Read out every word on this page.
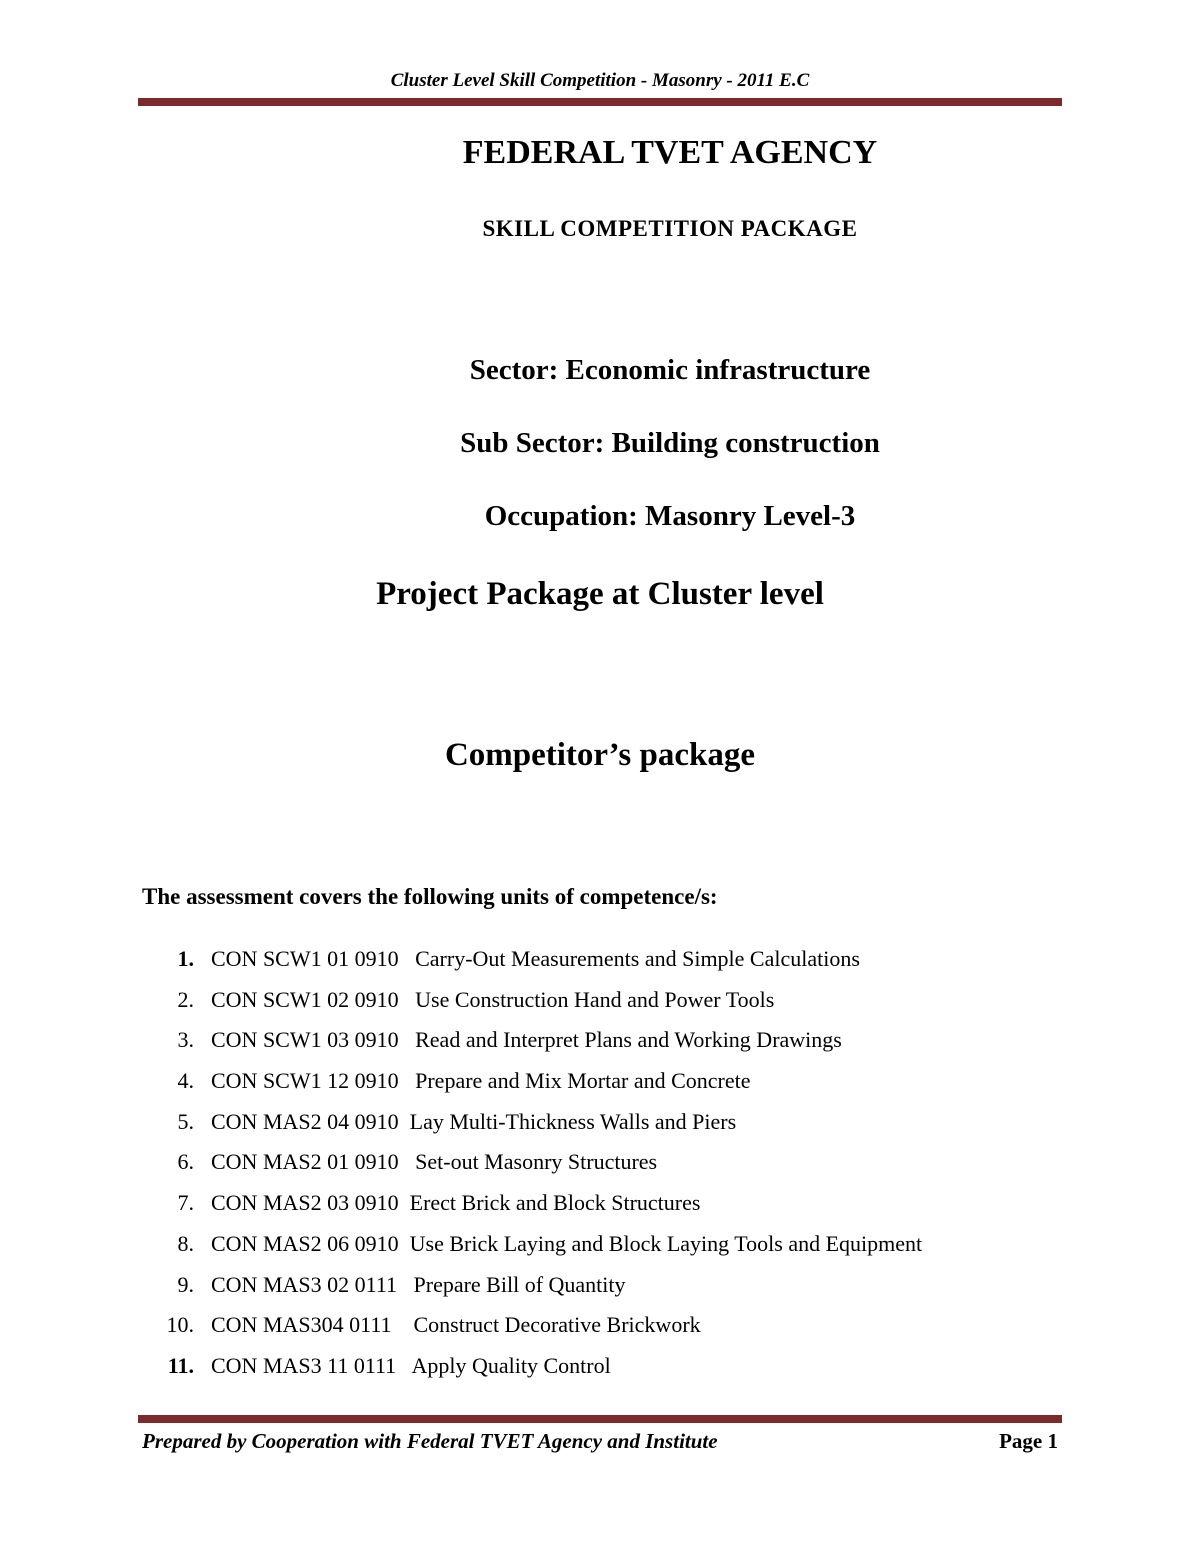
Cluster Level Skill Competition - Masonry - 2011 E.C
FEDERAL TVET AGENCY
SKILL COMPETITION PACKAGE
Sector: Economic infrastructure
Sub Sector: Building construction
Occupation: Masonry Level-3
Project Package at Cluster level
Competitor’s package
The assessment covers the following units of competence/s:
1. CON SCW1 01 0910   Carry-Out Measurements and Simple Calculations
2. CON SCW1 02 0910   Use Construction Hand and Power Tools
3. CON SCW1 03 0910   Read and Interpret Plans and Working Drawings
4. CON SCW1 12 0910   Prepare and Mix Mortar and Concrete
5. CON MAS2 04 0910  Lay Multi-Thickness Walls and Piers
6. CON MAS2 01 0910   Set-out Masonry Structures
7. CON MAS2 03 0910  Erect Brick and Block Structures
8. CON MAS2 06 0910  Use Brick Laying and Block Laying Tools and Equipment
9. CON MAS3 02 0111   Prepare Bill of Quantity
10. CON MAS304 0111    Construct Decorative Brickwork
11. CON MAS3 11 0111   Apply Quality Control
Prepared by Cooperation with Federal TVET Agency and Institute	Page 1
